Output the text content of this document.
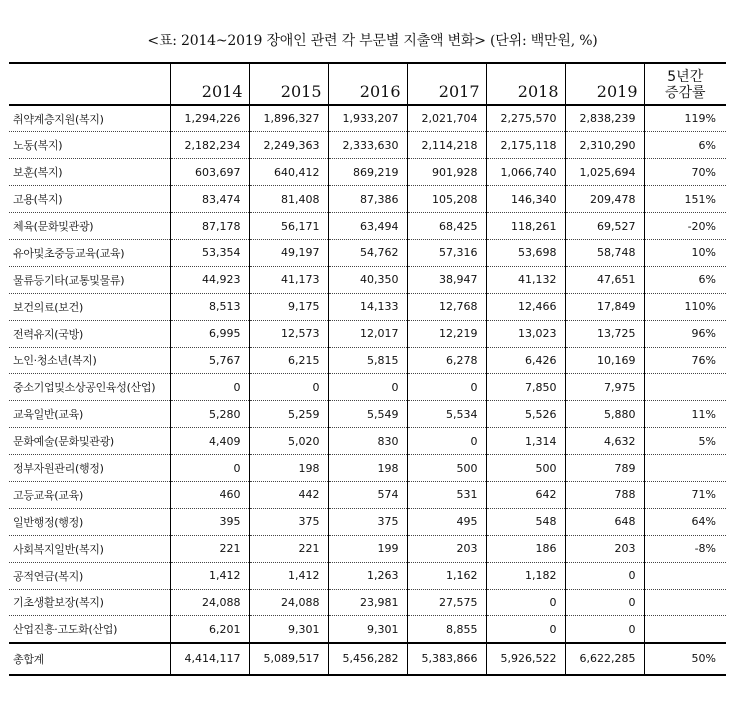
<표: 2014~2019 장애인 관련 각 부문별 지출액 변화> (단위: 백만원, %)
	2014	2015	2016	2017	2018	2019	5년간
증감률

취약계층지원(복지)	1,294,226	1,896,327	1,933,207	2,021,704	2,275,570	2,838,239	119%
노동(복지)	2,182,234	2,249,363	2,333,630	2,114,218	2,175,118	2,310,290	6%
보훈(복지)	603,697	640,412	869,219	901,928	1,066,740	1,025,694	70%
고용(복지)	83,474	81,408	87,386	105,208	146,340	209,478	151%
체육(문화및관광)	87,178	56,171	63,494	68,425	118,261	69,527	-20%
유아및초중등교육(교육)	53,354	49,197	54,762	57,316	53,698	58,748	10%
물류등기타(교통및물류)	44,923	41,173	40,350	38,947	41,132	47,651	6%
보건의료(보건)	8,513	9,175	14,133	12,768	12,466	17,849	110%
전력유지(국방)	6,995	12,573	12,017	12,219	13,023	13,725	96%
노인·청소년(복지)	5,767	6,215	5,815	6,278	6,426	10,169	76%
중소기업및소상공인육성(산업)	0	0	0	0	7,850	7,975	
교육일반(교육)	5,280	5,259	5,549	5,534	5,526	5,880	11%
문화예술(문화및관광)	4,409	5,020	830	0	1,314	4,632	5%
정부자원관리(행정)	0	198	198	500	500	789	
고등교육(교육)	460	442	574	531	642	788	71%
일반행정(행정)	395	375	375	495	548	648	64%
사회복지일반(복지)	221	221	199	203	186	203	-8%
공적연금(복지)	1,412	1,412	1,263	1,162	1,182	0	
기초생활보장(복지)	24,088	24,088	23,981	27,575	0	0	
산업진흥·고도화(산업)	6,201	9,301	9,301	8,855	0	0	
총합계	4,414,117	5,089,517	5,456,282	5,383,866	5,926,522	6,622,285	50%
